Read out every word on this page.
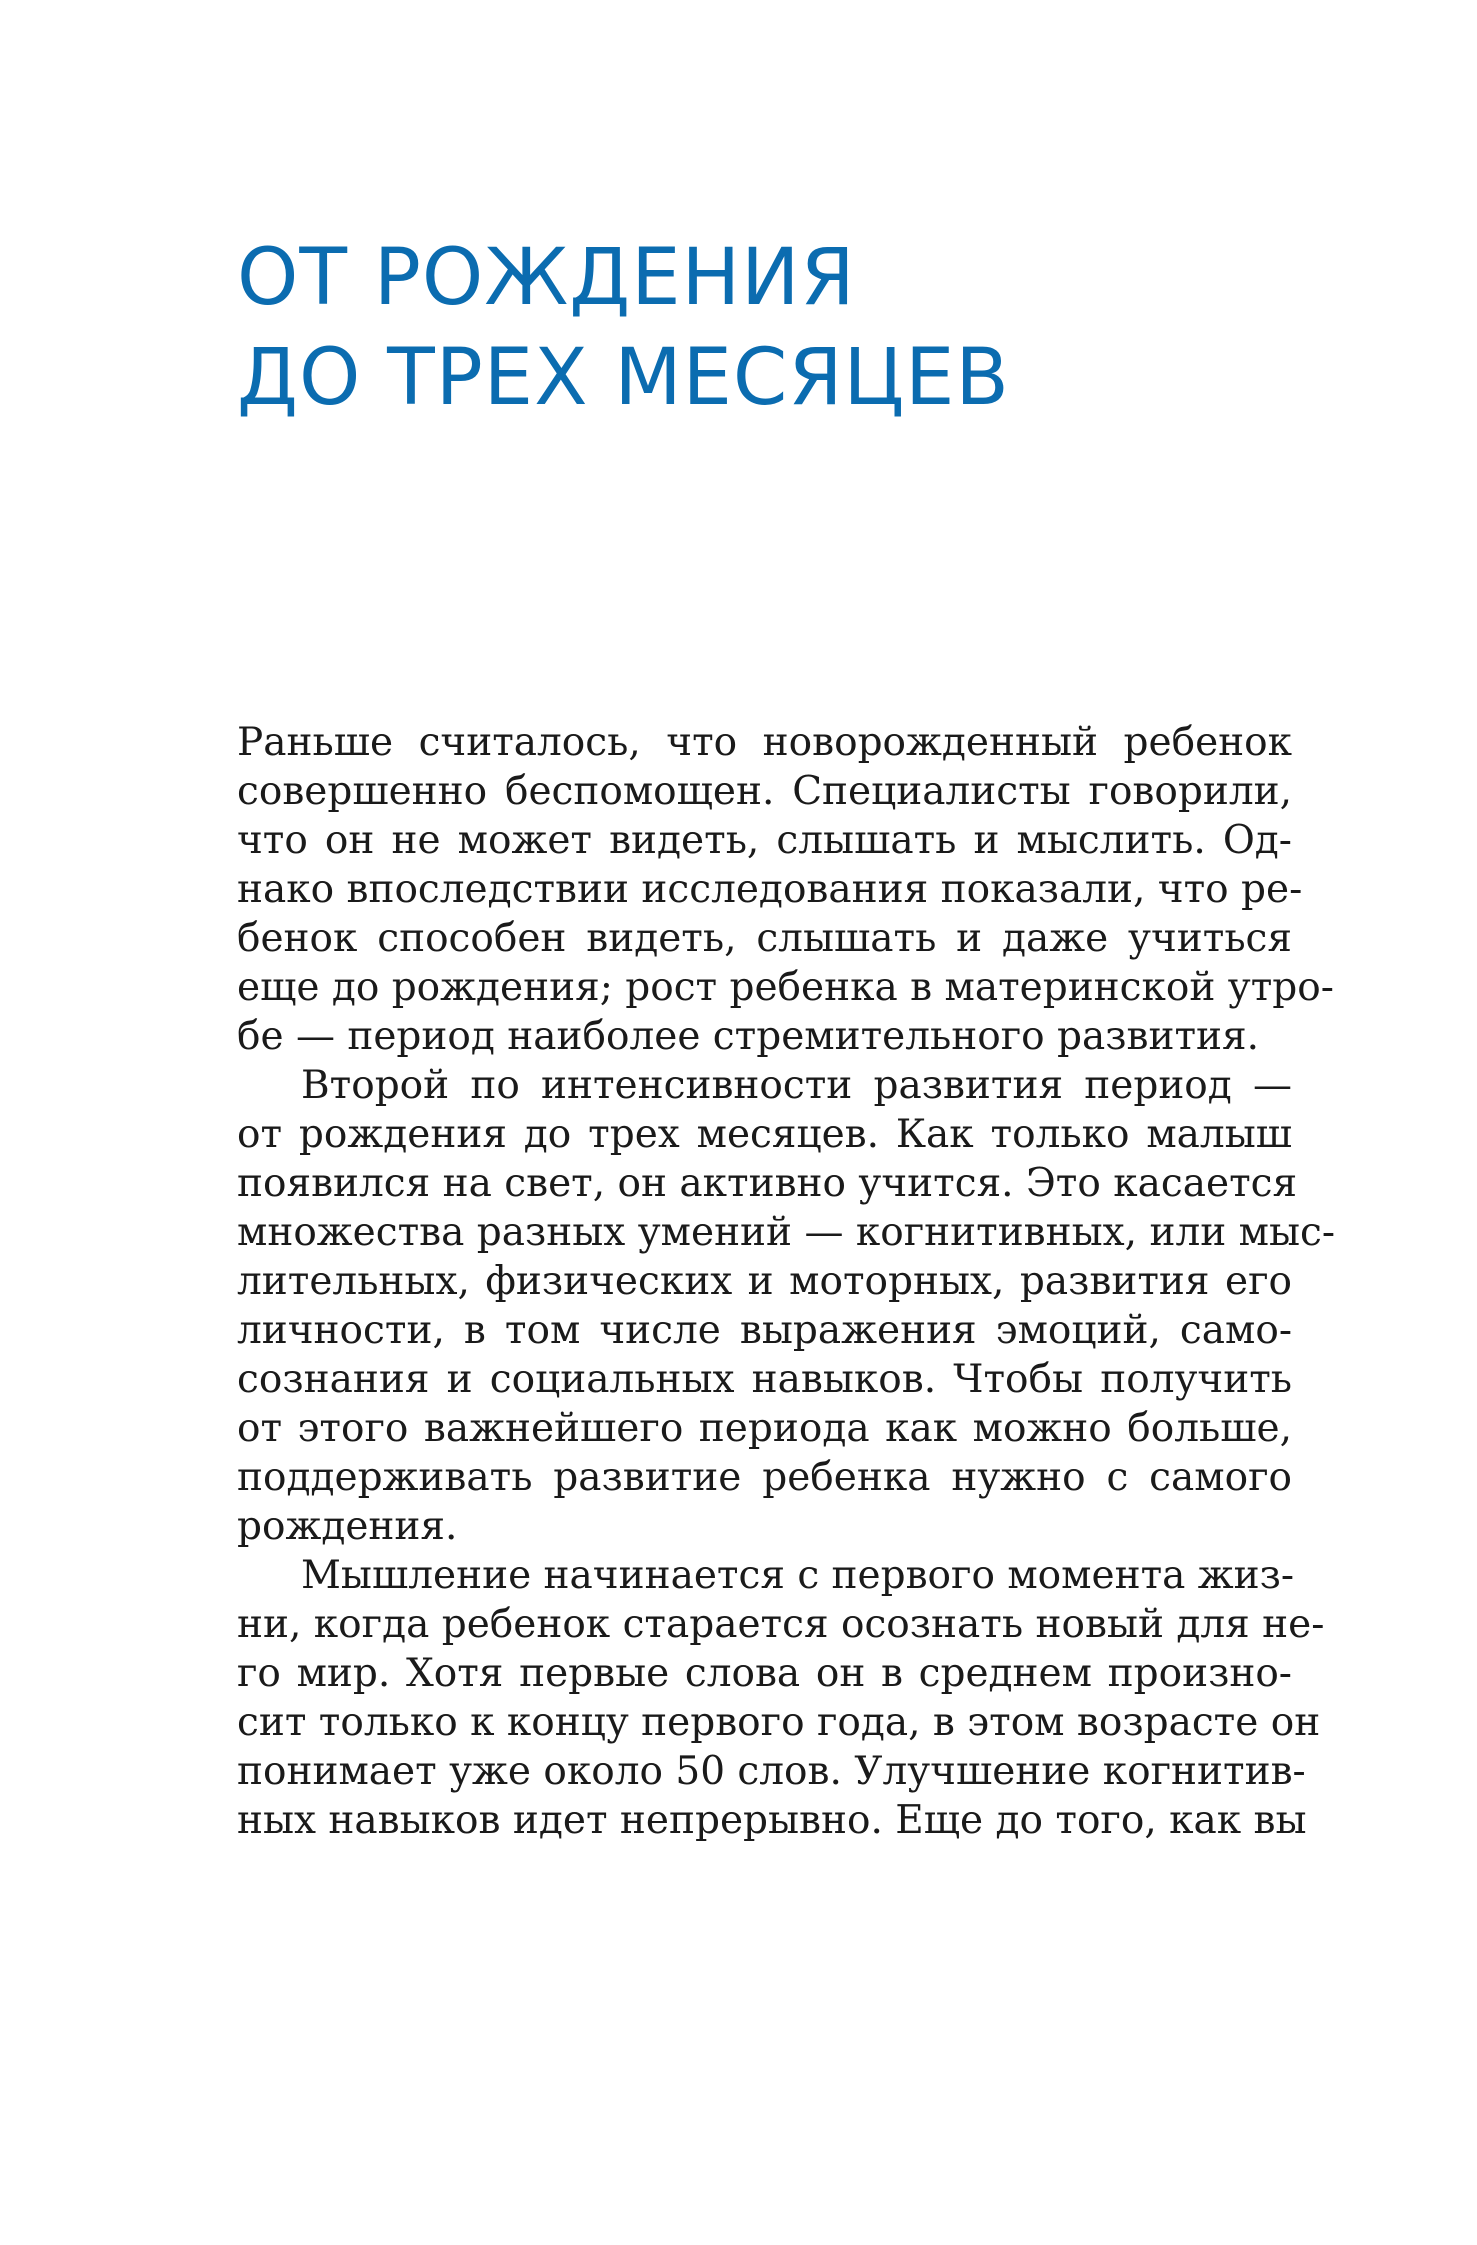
ОТ РОЖДЕНИЯ
ДО ТРЕХ МЕСЯЦЕВ

Раньше считалось, что новорожденный ребенок
совершенно беспомощен. Специалисты говорили,
что он не может видеть, слышать и мыслить. Од-
нако впоследствии исследования показали, что ре-
бенок способен видеть, слышать и даже учиться
еще до рождения; рост ребенка в материнской утро-
бе — период наиболее стремительного развития.

Второй по интенсивности развития период —
от рождения до трех месяцев. Как только малыш
появился на свет, он активно учится. Это касается
множества разных умений — когнитивных, или мыс-
лительных, физических и моторных, развития его
личности, в том числе выражения эмоций, само-
сознания и социальных навыков. Чтобы получить
от этого важнейшего периода как можно больше,
поддерживать развитие ребенка нужно с самого
рождения.

Мышление начинается с первого момента жиз-
ни, когда ребенок старается осознать новый для не-
го мир. Хотя первые слова он в среднем произно-
сит только к концу первого года, в этом возрасте он
понимает уже около 50 слов. Улучшение когнитив-
ных навыков идет непрерывно. Еще до того, как вы
